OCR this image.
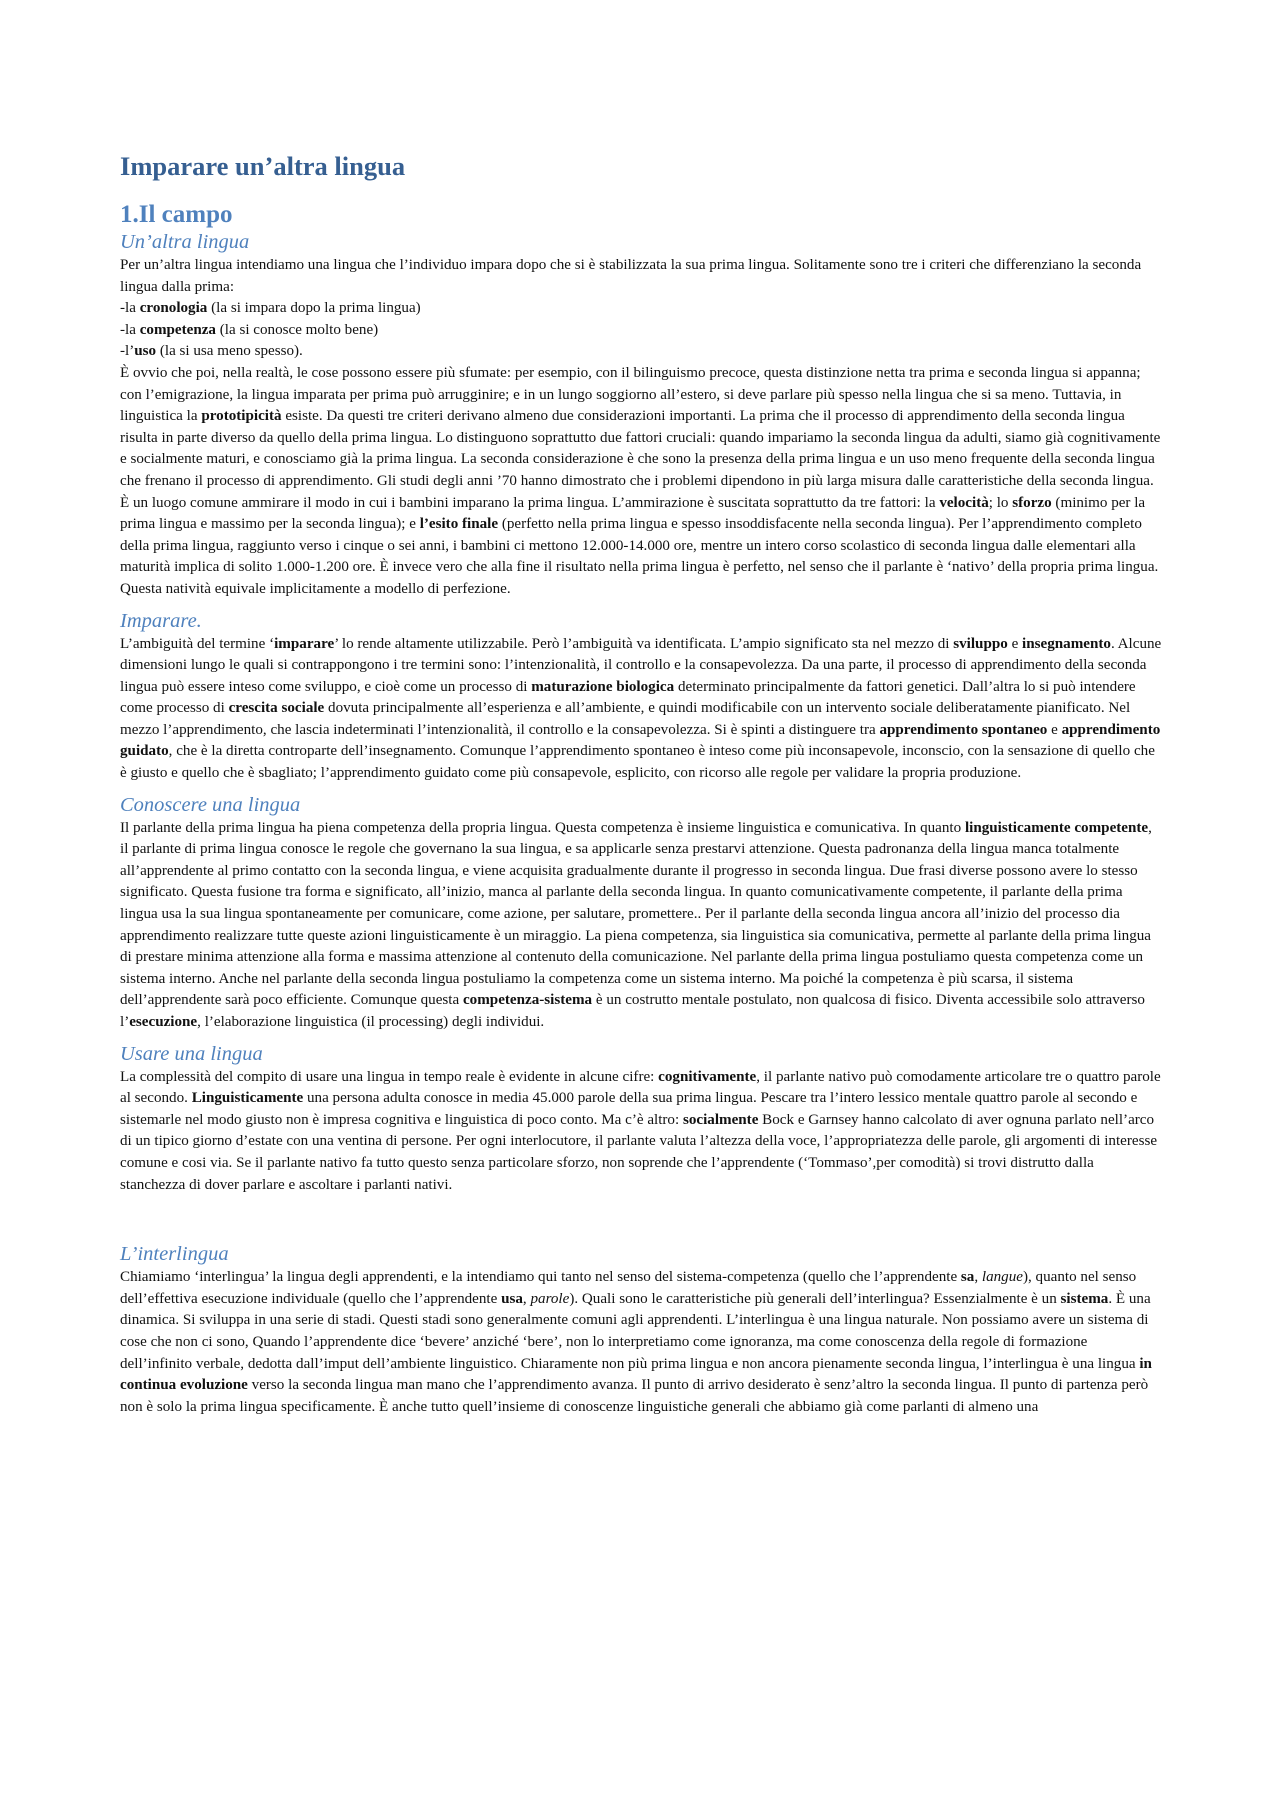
Imparare un’altra lingua
1.Il campo
Un’altra lingua

Per un’altra lingua intendiamo una lingua che l’individuo impara dopo che si è stabilizzata la sua prima lingua. Solitamente sono tre i criteri che differenziano la seconda lingua dalla prima:

-la cronologia (la si impara dopo la prima lingua)

-la competenza (la si conosce molto bene)

-l’uso (la si usa meno spesso).

È ovvio che poi, nella realtà, le cose possono essere più sfumate: per esempio, con il bilinguismo precoce, questa distinzione netta tra prima e seconda lingua si appanna; con l’emigrazione, la lingua imparata per prima può arrugginire; e in un lungo soggiorno all’estero, si deve parlare più spesso nella lingua che si sa meno. Tuttavia, in linguistica la prototipicità esiste. Da questi tre criteri derivano almeno due considerazioni importanti. La prima che il processo di apprendimento della seconda lingua risulta in parte diverso da quello della prima lingua. Lo distinguono soprattutto due fattori cruciali: quando impariamo la seconda lingua da adulti, siamo già cognitivamente e socialmente maturi, e conosciamo già la prima lingua. La seconda considerazione è che sono la presenza della prima lingua e un uso meno frequente della seconda lingua che frenano il processo di apprendimento. Gli studi degli anni ’70 hanno dimostrato che i problemi dipendono in più larga misura dalle caratteristiche della seconda lingua. È un luogo comune ammirare il modo in cui i bambini imparano la prima lingua. L’ammirazione è suscitata soprattutto da tre fattori: la velocità; lo sforzo (minimo per la prima lingua e massimo per la seconda lingua); e l’esito finale (perfetto nella prima lingua e spesso insoddisfacente nella seconda lingua). Per l’apprendimento completo della prima lingua, raggiunto verso i cinque o sei anni, i bambini ci mettono 12.000-14.000 ore, mentre un intero corso scolastico di seconda lingua dalle elementari alla maturità implica di solito 1.000-1.200 ore. È invece vero che alla fine il risultato nella prima lingua è perfetto, nel senso che il parlante è ‘nativo’ della propria prima lingua. Questa natività equivale implicitamente a modello di perfezione.

Imparare.

L’ambiguità del termine ‘imparare’ lo rende altamente utilizzabile. Però l’ambiguità va identificata. L’ampio significato sta nel mezzo di sviluppo e insegnamento. Alcune dimensioni lungo le quali si contrappongono i tre termini sono: l’intenzionalità, il controllo e la consapevolezza. Da una parte, il processo di apprendimento della seconda lingua può essere inteso come sviluppo, e cioè come un processo di maturazione biologica determinato principalmente da fattori genetici. Dall’altra lo si può intendere come processo di crescita sociale dovuta principalmente all’esperienza e all’ambiente, e quindi modificabile con un intervento sociale deliberatamente pianificato. Nel mezzo l’apprendimento, che lascia indeterminati l’intenzionalità, il controllo e la consapevolezza. Si è spinti a distinguere tra apprendimento spontaneo e apprendimento guidato, che è la diretta controparte dell’insegnamento. Comunque l’apprendimento spontaneo è inteso come più inconsapevole, inconscio, con la sensazione di quello che è giusto e quello che è sbagliato; l’apprendimento guidato come più consapevole, esplicito, con ricorso alle regole per validare la propria produzione.

Conoscere una lingua

Il parlante della prima lingua ha piena competenza della propria lingua. Questa competenza è insieme linguistica e comunicativa. In quanto linguisticamente competente, il parlante di prima lingua conosce le regole che governano la sua lingua, e sa applicarle senza prestarvi attenzione. Questa padronanza della lingua manca totalmente all’apprendente al primo contatto con la seconda lingua, e viene acquisita gradualmente durante il progresso in seconda lingua. Due frasi diverse possono avere lo stesso significato. Questa fusione tra forma e significato, all’inizio, manca al parlante della seconda lingua. In quanto comunicativamente competente, il parlante della prima lingua usa la sua lingua spontaneamente per comunicare, come azione, per salutare, promettere.. Per il parlante della seconda lingua ancora all’inizio del processo dia apprendimento realizzare tutte queste azioni linguisticamente è un miraggio. La piena competenza, sia linguistica sia comunicativa, permette al parlante della prima lingua di prestare minima attenzione alla forma e massima attenzione al contenuto della comunicazione. Nel parlante della prima lingua postuliamo questa competenza come un sistema interno. Anche nel parlante della seconda lingua postuliamo la competenza come un sistema interno. Ma poiché la competenza è più scarsa, il sistema dell’apprendente sarà poco efficiente. Comunque questa competenza-sistema è un costrutto mentale postulato, non qualcosa di fisico. Diventa accessibile solo attraverso l’esecuzione, l’elaborazione linguistica (il processing) degli individui.

Usare una lingua

La complessità del compito di usare una lingua in tempo reale è evidente in alcune cifre: cognitivamente, il parlante nativo può comodamente articolare tre o quattro parole al secondo. Linguisticamente una persona adulta conosce in media 45.000 parole della sua prima lingua. Pescare tra l’intero lessico mentale quattro parole al secondo e sistemarle nel modo giusto non è impresa cognitiva e linguistica di poco conto. Ma c’è altro: socialmente Bock e Garnsey hanno calcolato di aver ognuna parlato nell’arco di un tipico giorno d’estate con una ventina di persone. Per ogni interlocutore, il parlante valuta l’altezza della voce, l’appropriatezza delle parole, gli argomenti di interesse comune e cosi via. Se il parlante nativo fa tutto questo senza particolare sforzo, non soprende che l’apprendente (‘Tommaso’,per comodità) si trovi distrutto dalla stanchezza di dover parlare e ascoltare i parlanti nativi.

L’interlingua

Chiamiamo ‘interlingua’ la lingua degli apprendenti, e la intendiamo qui tanto nel senso del sistema-competenza (quello che l’apprendente sa, langue), quanto nel senso dell’effettiva esecuzione individuale (quello che l’apprendente usa, parole). Quali sono le caratteristiche più generali dell’interlingua? Essenzialmente è un sistema. È una dinamica. Si sviluppa in una serie di stadi. Questi stadi sono generalmente comuni agli apprendenti. L’interlingua è una lingua naturale. Non possiamo avere un sistema di cose che non ci sono, Quando l’apprendente dice ‘bevere’ anziché ‘bere’, non lo interpretiamo come ignoranza, ma come conoscenza della regole di formazione dell’infinito verbale, dedotta dall’imput dell’ambiente linguistico. Chiaramente non più prima lingua e non ancora pienamente seconda lingua, l’interlingua è una lingua in continua evoluzione verso la seconda lingua man mano che l’apprendimento avanza. Il punto di arrivo desiderato è senz’altro la seconda lingua. Il punto di partenza però non è solo la prima lingua specificamente. È anche tutto quell’insieme di conoscenze linguistiche generali che abbiamo già come parlanti di almeno una
